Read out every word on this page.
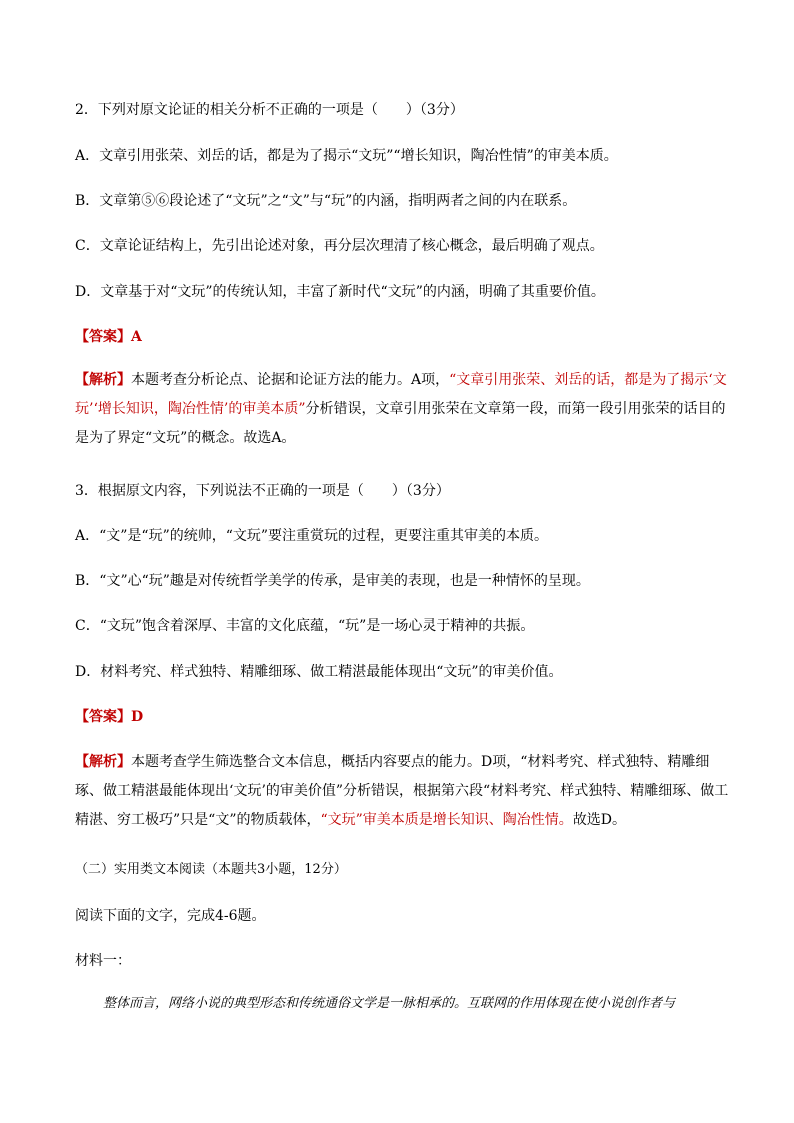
2．下列对原文论证的相关分析不正确的一项是（　　）（3分）
A．文章引用张荣、刘岳的话，都是为了揭示“文玩”“增长知识，陶冶性情”的审美本质。
B．文章第⑤⑥段论述了“文玩”之“文”与“玩”的内涵，指明两者之间的内在联系。
C．文章论证结构上，先引出论述对象，再分层次理清了核心概念，最后明确了观点。
D．文章基于对“文玩”的传统认知，丰富了新时代“文玩”的内涵，明确了其重要价值。
【答案】A
【解析】本题考查分析论点、论据和论证方法的能力。A项，“文章引用张荣、刘岳的话，都是为了揭示‘文玩’‘增长知识，陶冶性情’的审美本质”分析错误，文章引用张荣在文章第一段，而第一段引用张荣的话目的是为了界定“文玩”的概念。故选A。
3．根据原文内容，下列说法不正确的一项是（　　）（3分）
A．“文”是“玩”的统帅，“文玩”要注重赏玩的过程，更要注重其审美的本质。
B．“文”心“玩”趣是对传统哲学美学的传承，是审美的表现，也是一种情怀的呈现。
C．“文玩”饱含着深厚、丰富的文化底蕴，“玩”是一场心灵于精神的共振。
D．材料考究、样式独特、精雕细琢、做工精湛最能体现出“文玩”的审美价值。
【答案】D
【解析】本题考查学生筛选整合文本信息，概括内容要点的能力。D项，“材料考究、样式独特、精雕细琢、做工精湛最能体现出‘文玩’的审美价值”分析错误，根据第六段“材料考究、样式独特、精雕细琢、做工精湛、穷工极巧”只是“文”的物质载体，“文玩”审美本质是增长知识、陶冶性情。故选D。
（二）实用类文本阅读（本题共3小题，12分）
阅读下面的文字，完成4-6题。
材料一：
整体而言，网络小说的典型形态和传统通俗文学是一脉相承的。互联网的作用体现在使小说创作者与
